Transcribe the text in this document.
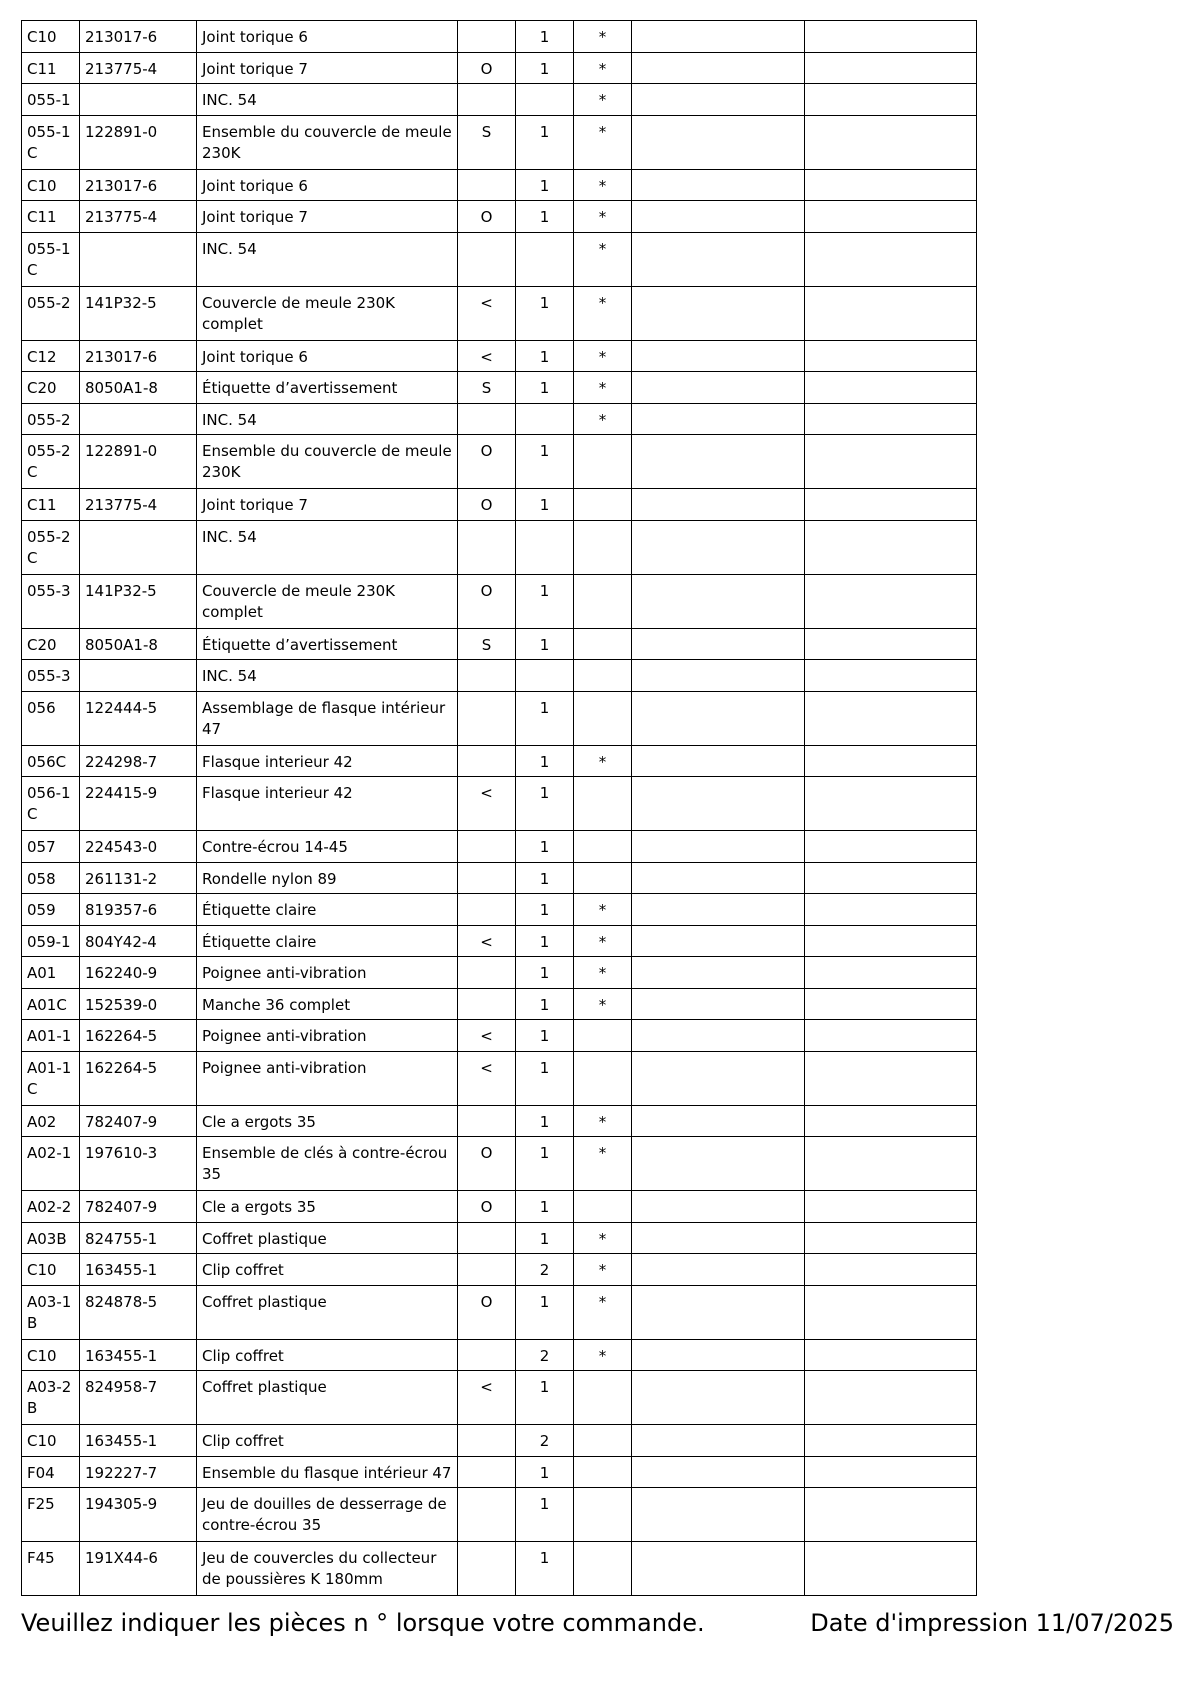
C10	213017-6	Joint torique 6		1	*		
C11	213775-4	Joint torique 7	O	1	*		
055-1		INC. 54			*		
055-1C	122891-0	Ensemble du couvercle de meule 230K	S	1	*		
C10	213017-6	Joint torique 6		1	*		
C11	213775-4	Joint torique 7	O	1	*		
055-1C		INC. 54			*		
055-2	141P32-5	Couvercle de meule 230K complet	<	1	*		
C12	213017-6	Joint torique 6	<	1	*		
C20	8050A1-8	Étiquette d’avertissement	S	1	*		
055-2		INC. 54			*		
055-2C	122891-0	Ensemble du couvercle de meule 230K	O	1			
C11	213775-4	Joint torique 7	O	1			
055-2C		INC. 54					
055-3	141P32-5	Couvercle de meule 230K complet	O	1			
C20	8050A1-8	Étiquette d’avertissement	S	1			
055-3		INC. 54					
056	122444-5	Assemblage de flasque intérieur 47		1			
056C	224298-7	Flasque interieur 42		1	*		
056-1C	224415-9	Flasque interieur 42	<	1			
057	224543-0	Contre-écrou 14-45		1			
058	261131-2	Rondelle nylon 89		1			
059	819357-6	Étiquette claire		1	*		
059-1	804Y42-4	Étiquette claire	<	1	*		
A01	162240-9	Poignee anti-vibration		1	*		
A01C	152539-0	Manche 36 complet		1	*		
A01-1	162264-5	Poignee anti-vibration	<	1			
A01-1C	162264-5	Poignee anti-vibration	<	1			
A02	782407-9	Cle a ergots 35		1	*		
A02-1	197610-3	Ensemble de clés à contre-écrou 35	O	1	*		
A02-2	782407-9	Cle a ergots 35	O	1			
A03B	824755-1	Coffret plastique		1	*		
C10	163455-1	Clip coffret		2	*		
A03-1B	824878-5	Coffret plastique	O	1	*		
C10	163455-1	Clip coffret		2	*		
A03-2B	824958-7	Coffret plastique	<	1			
C10	163455-1	Clip coffret		2			
F04	192227-7	Ensemble du flasque intérieur 47		1			
F25	194305-9	Jeu de douilles de desserrage de contre-écrou 35		1			
F45	191X44-6	Jeu de couvercles du collecteur de poussières K 180mm		1			
Veuillez indiquer les pièces n ° lorsque votre commande.	Date d'impression 11/07/2025
